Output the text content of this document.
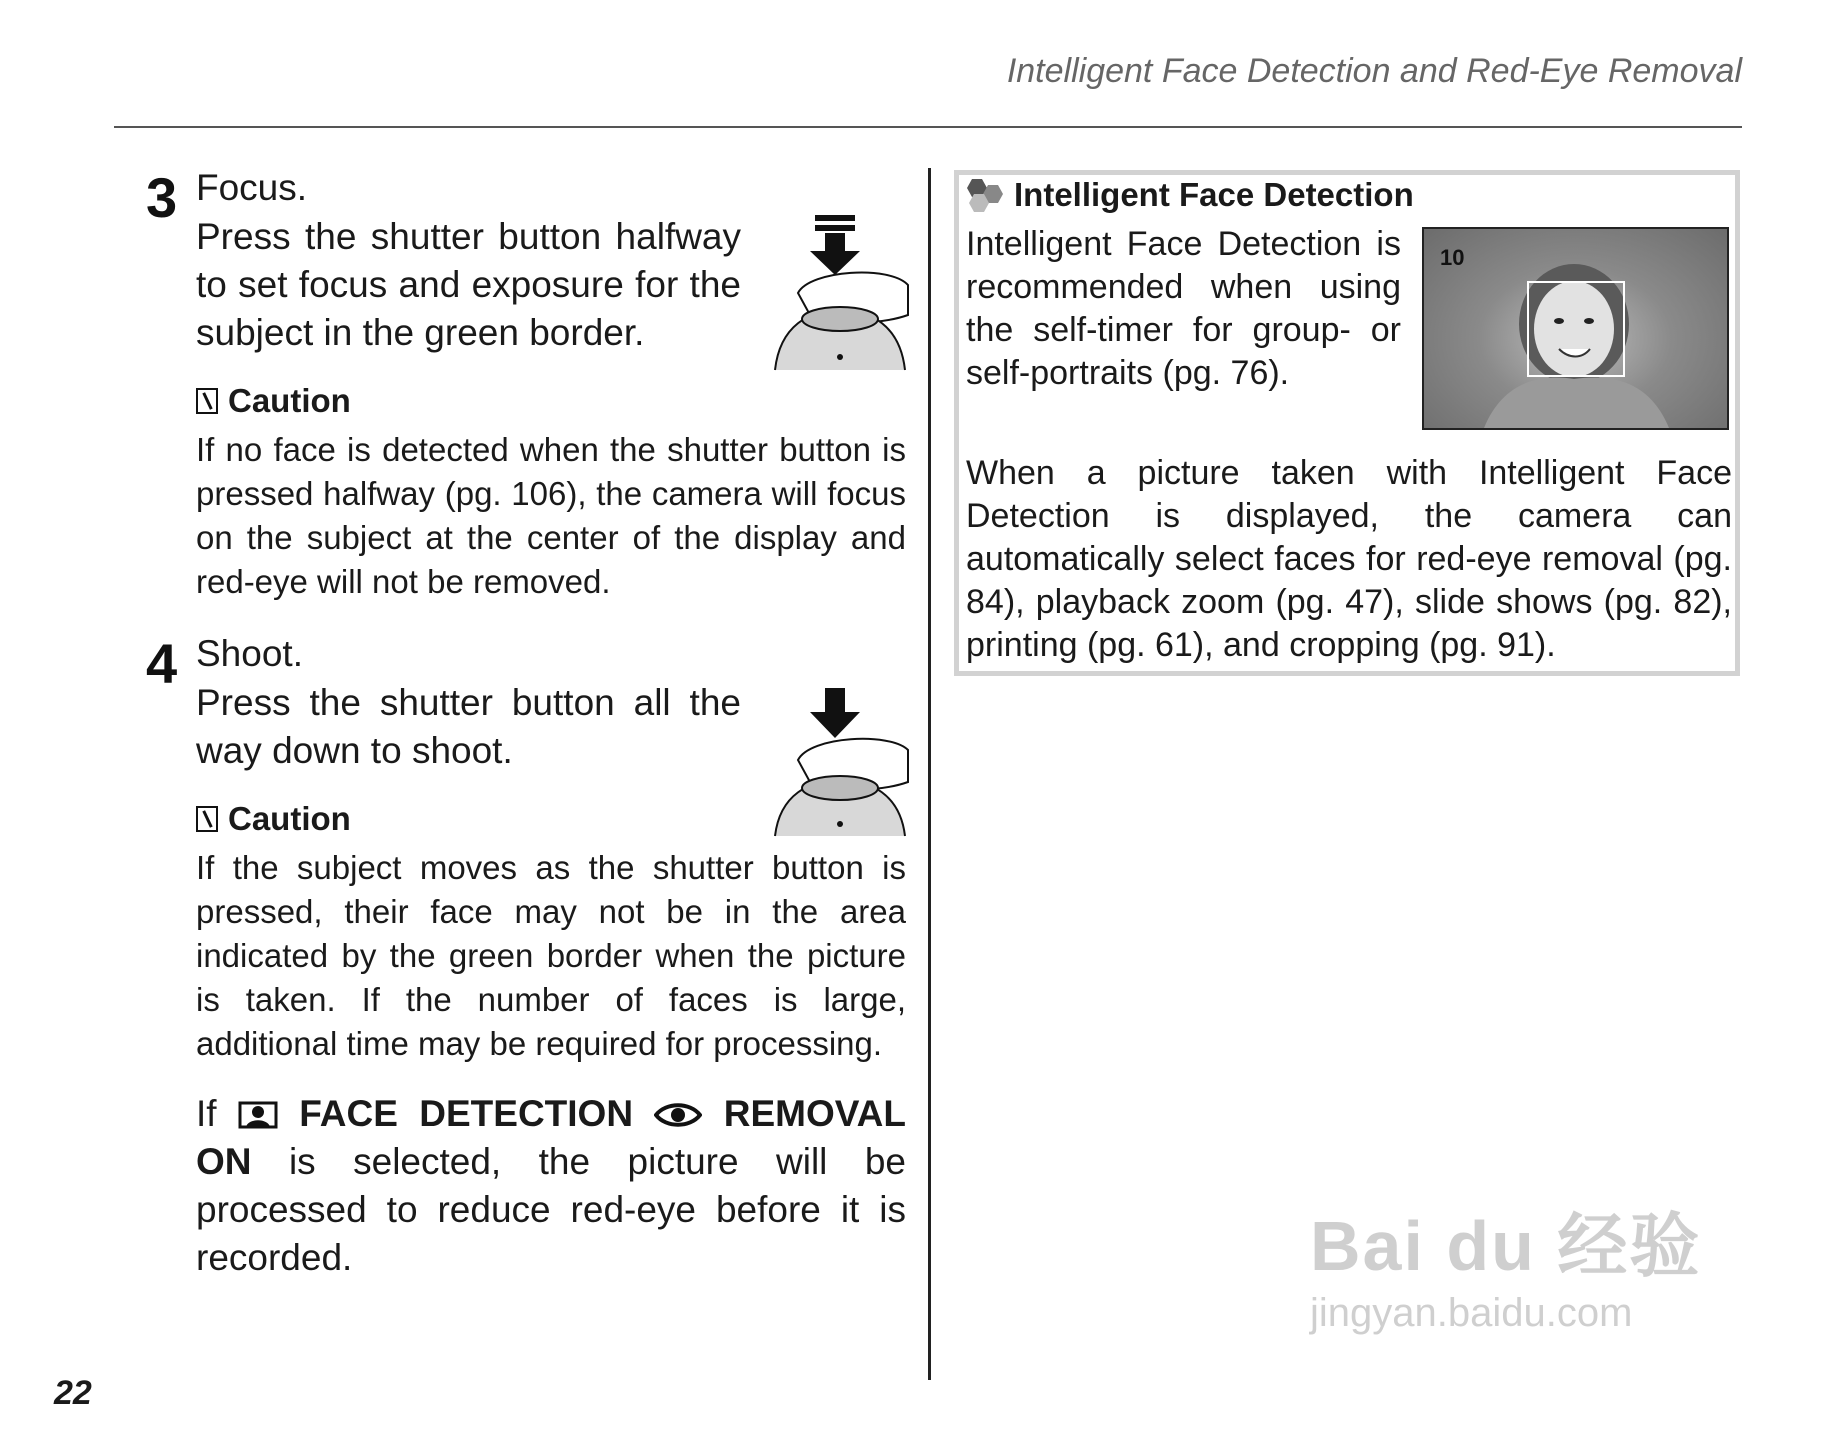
Intelligent Face Detection and Red-Eye Removal
3 Focus.
Press the shutter button halfway to set focus and exposure for the subject in the green border.
Caution
If no face is detected when the shutter button is pressed halfway (pg. 106), the camera will focus on the subject at the center of the display and red-eye will not be removed.
4 Shoot.
Press the shutter button all the way down to shoot.
Caution
If the subject moves as the shutter button is pressed, their face may not be in the area indicated by the green border when the picture is taken. If the number of faces is large, additional time may be required for processing.
If FACE DETECTION REMOVAL ON is selected, the picture will be processed to reduce red-eye before it is recorded.
Intelligent Face Detection
Intelligent Face Detection is recommended when using the self-timer for group- or self-portraits (pg. 76).
10
When a picture taken with Intelligent Face Detection is displayed, the camera can automatically select faces for red-eye removal (pg. 84), playback zoom (pg. 47), slide shows (pg. 82), printing (pg. 61), and cropping (pg. 91).
22
Bai du 经验
jingyan.baidu.com
